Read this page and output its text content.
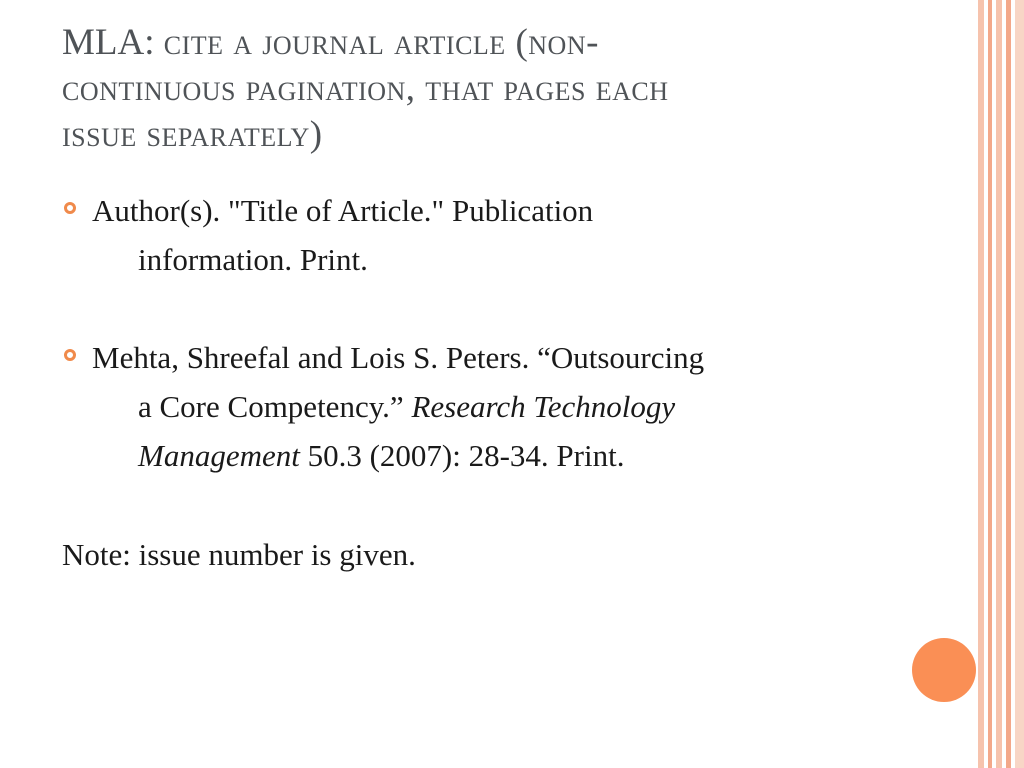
MLA: cite a journal article (non-
continuous pagination, that pages each
issue separately)
Author(s). "Title of Article." Publication
information. Print.
Mehta, Shreefal and Lois S. Peters. “Outsourcing
a Core Competency.” Research Technology
Management 50.3 (2007): 28-34. Print.
Note: issue number is given.
